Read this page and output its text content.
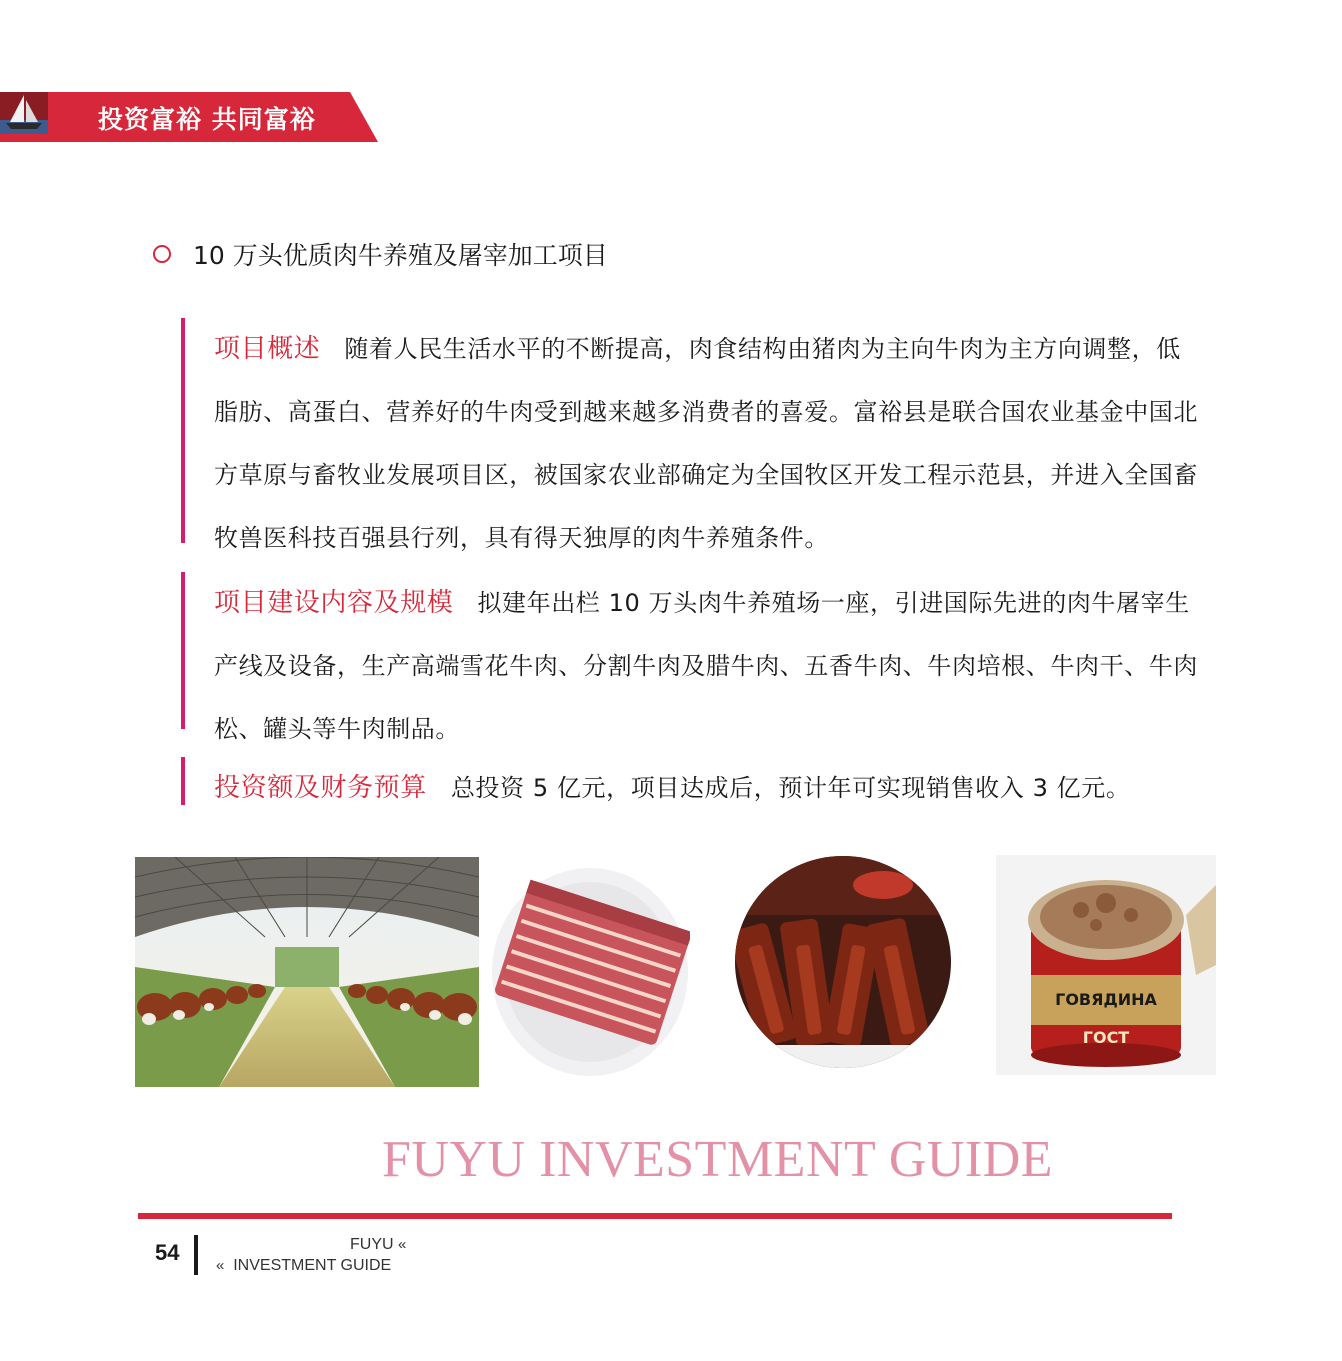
投资富裕 共同富裕
10 万头优质肉牛养殖及屠宰加工项目
项目概述 随着人民生活水平的不断提高，肉食结构由猪肉为主向牛肉为主方向调整，低脂肪、高蛋白、营养好的牛肉受到越来越多消费者的喜爱。富裕县是联合国农业基金中国北方草原与畜牧业发展项目区，被国家农业部确定为全国牧区开发工程示范县，并进入全国畜牧兽医科技百强县行列，具有得天独厚的肉牛养殖条件。
项目建设内容及规模 拟建年出栏 10 万头肉牛养殖场一座，引进国际先进的肉牛屠宰生产线及设备，生产高端雪花牛肉、分割牛肉及腊牛肉、五香牛肉、牛肉培根、牛肉干、牛肉松、罐头等牛肉制品。
投资额及财务预算 总投资 5 亿元，项目达成后，预计年可实现销售收入 3 亿元。
ГОВЯДИНА
ГОСТ
FUYU INVESTMENT GUIDE
54	FUYU «
« INVESTMENT GUIDE
